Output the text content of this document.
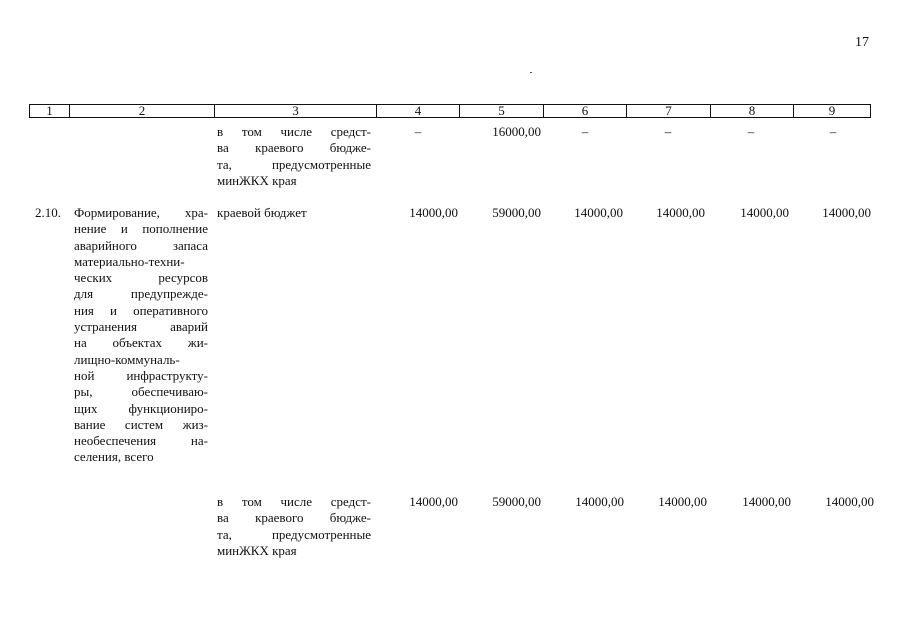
17
1	2	3	4	5	6	7	8	9
в том числе средст-
ва краевого бюдже-
та, предусмотренные
минЖКХ края
–	16000,00	–	–	–	–
2.10. Формирование, хра-
нение и пополнение
аварийного запаса
материально-техни-
ческих ресурсов
для предупрежде-
ния и оперативного
устранения аварий
на объектах жи-
лищно-коммуналь-
ной инфраструкту-
ры, обеспечиваю-
щих функциониро-
вание систем жиз-
необеспечения на-
селения, всего
краевой бюджет	14000,00	59000,00	14000,00	14000,00	14000,00	14000,00
в том числе средст-
ва краевого бюдже-
та, предусмотренные
минЖКХ края
14000,00	59000,00	14000,00	14000,00	14000,00	14000,00
